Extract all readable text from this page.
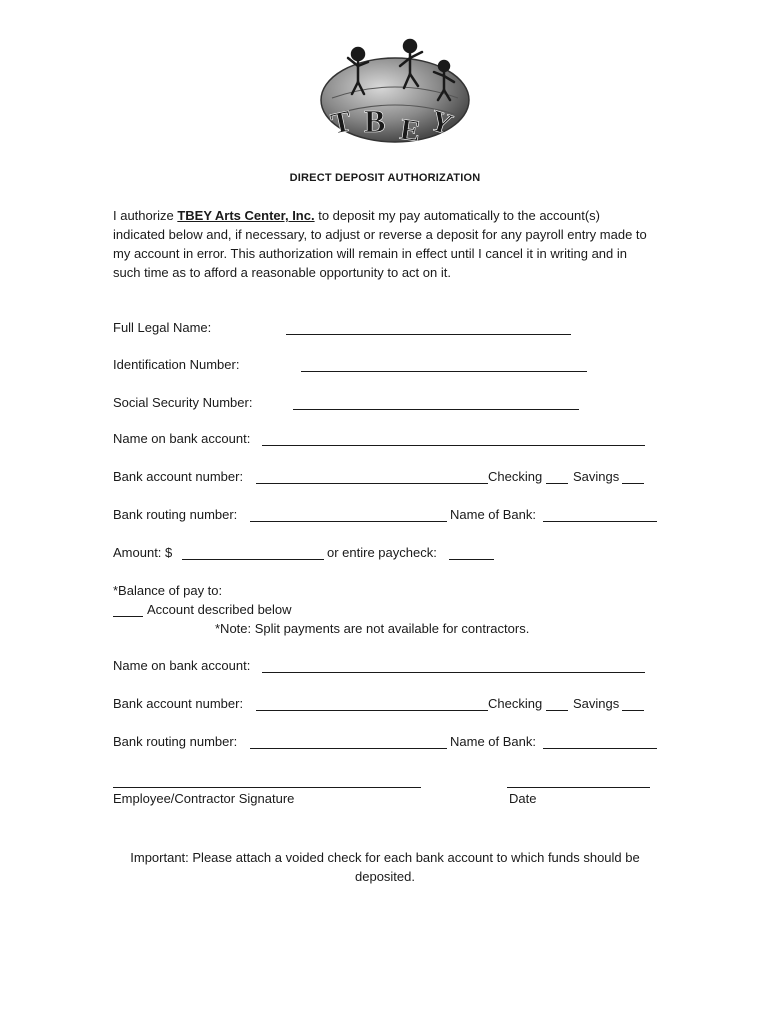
T B E Y
DIRECT DEPOSIT AUTHORIZATION
I authorize TBEY Arts Center, Inc. to deposit my pay automatically to the account(s) indicated below and, if necessary, to adjust or reverse a deposit for any payroll entry made to my account in error. This authorization will remain in effect until I cancel it in writing and in such time as to afford a reasonable opportunity to act on it.
Full Legal Name:
Identification Number:
Social Security Number:
Name on bank account:
Bank account number:	Checking Savings
Bank routing number:	Name of Bank:
Amount: $	or entire paycheck:
*Balance of pay to:
Account described below
*Note: Split payments are not available for contractors.
Name on bank account:
Bank account number:	Checking Savings
Bank routing number:	Name of Bank:
Employee/Contractor Signature	Date
Important: Please attach a voided check for each bank account to which funds should be deposited.
